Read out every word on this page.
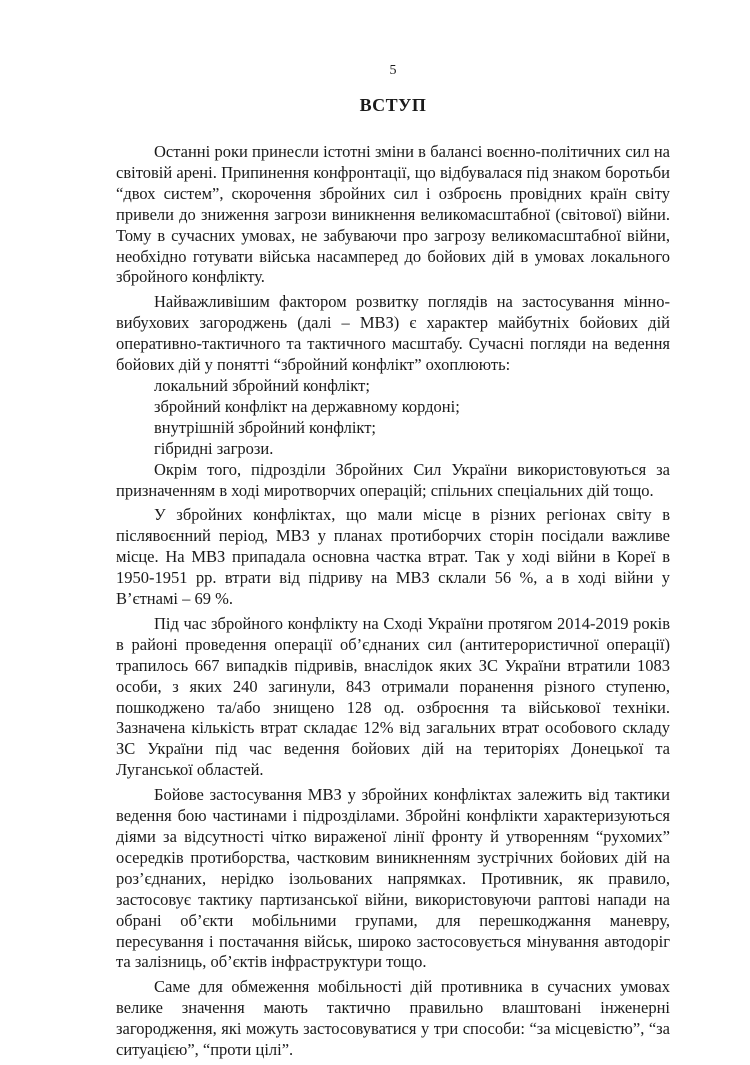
5
ВСТУП

Останні роки принесли істотні зміни в балансі воєнно-політичних сил на світовій арені. Припинення конфронтації, що відбувалася під знаком боротьби “двох систем”, скорочення збройних сил і озброєнь провідних країн світу привели до зниження загрози виникнення великомасштабної (світової) війни. Тому в сучасних умовах, не забуваючи про загрозу великомасштабної війни, необхідно готувати війська насамперед до бойових дій в умовах локального збройного конфлікту.

Найважливішим фактором розвитку поглядів на застосування мінно-вибухових загороджень (далі – МВЗ) є характер майбутніх бойових дій оперативно-тактичного та тактичного масштабу. Сучасні погляди на ведення бойових дій у понятті “збройний конфлікт” охоплюють:

локальний збройний конфлікт;
збройний конфлікт на державному кордоні;
внутрішній збройний конфлікт;
гібридні загрози.

Окрім того, підрозділи Збройних Сил України використовуються за призначенням в ході миротворчих операцій; спільних спеціальних дій тощо.

У збройних конфліктах, що мали місце в різних регіонах світу в післявоєнний період, МВЗ у планах протиборчих сторін посідали важливе місце. На МВЗ припадала основна частка втрат. Так у ході війни в Кореї в 1950-1951 рр. втрати від підриву на МВЗ склали 56 %, а в ході війни у В’єтнамі – 69 %.

Під час збройного конфлікту на Сході України протягом 2014-2019 років в районі проведення операції об’єднаних сил (антитерористичної операції) трапилось 667 випадків підривів, внаслідок яких ЗС України втратили 1083 особи, з яких 240 загинули, 843 отримали поранення різного ступеню, пошкоджено та/або знищено 128 од. озброєння та військової техніки. Зазначена кількість втрат складає 12% від загальних втрат особового складу ЗС України під час ведення бойових дій на територіях Донецької та Луганської областей.

Бойове застосування МВЗ у збройних конфліктах залежить від тактики ведення бою частинами і підрозділами. Збройні конфлікти характеризуються діями за відсутності чітко вираженої лінії фронту й утворенням “рухомих” осередків протиборства, частковим виникненням зустрічних бойових дій на роз’єднаних, нерідко ізольованих напрямках. Противник, як правило, застосовує тактику партизанської війни, використовуючи раптові напади на обрані об’єкти мобільними групами, для перешкоджання маневру, пересування і постачання військ, широко застосовується мінування автодоріг та залізниць, об’єктів інфраструктури тощо.

Саме для обмеження мобільності дій противника в сучасних умовах велике значення мають тактично правильно влаштовані інженерні загородження, які можуть застосовуватися у три способи: “за місцевістю”, “за ситуацією”, “проти цілі”.
